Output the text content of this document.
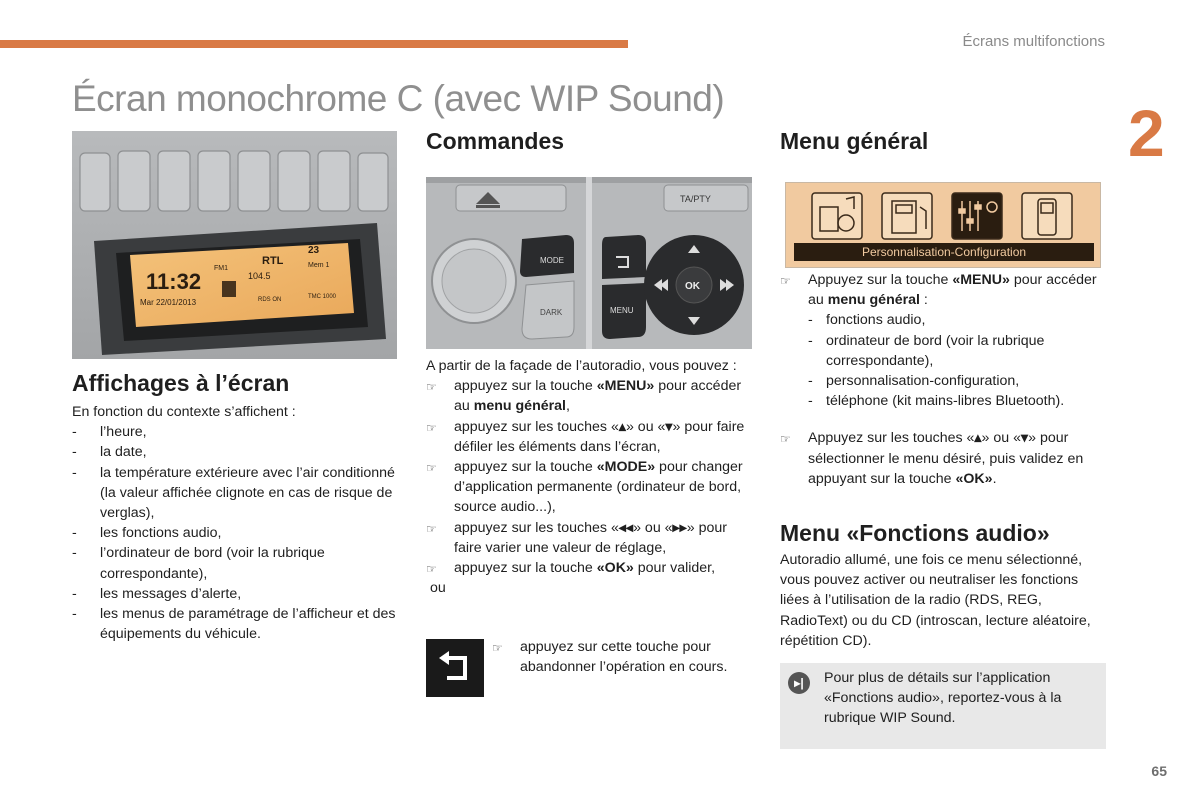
Écrans multifonctions
2
Écran monochrome C (avec WIP Sound)
11:32
RTL
104.5
23
FM1	Mem 1
Mar 22/01/2013	RDS ON	TMC 1000
Affichages à l’écran

En fonction du contexte s’affichent :

- l’heure,
- la date,
- la température extérieure avec l’air conditionné (la valeur affichée clignote en cas de risque de verglas),
- les fonctions audio,
- l’ordinateur de bord (voir la rubrique correspondante),
- les messages d’alerte,
- les menus de paramétrage de l’afficheur et des équipements du véhicule.
Commandes
TA/PTY
MODE
DARK	MENU
OK

A partir de la façade de l’autoradio, vous pouvez :

☞ appuyez sur la touche «MENU» pour accéder au menu général,
☞ appuyez sur les touches «▴» ou «▾» pour faire défiler les éléments dans l’écran,
☞ appuyez sur la touche «MODE» pour changer d’application permanente (ordinateur de bord, source audio...),
☞ appuyez sur les touches «◂◂» ou «▸▸» pour faire varier une valeur de réglage,
☞ appuyez sur la touche «OK» pour valider,

ou

☞ appuyez sur cette touche pour abandonner l’opération en cours.
Menu général
Personnalisation-Configuration
☞ Appuyez sur la touche «MENU» pour accéder au menu général :
- fonctions audio,
- ordinateur de bord (voir la rubrique correspondante),
- personnalisation-configuration,
- téléphone (kit mains-libres Bluetooth).
☞ Appuyez sur les touches «▴» ou «▾» pour sélectionner le menu désiré, puis validez en appuyant sur la touche «OK».
Menu «Fonctions audio»

Autoradio allumé, une fois ce menu sélectionné, vous pouvez activer ou neutraliser les fonctions liées à l’utilisation de la radio (RDS, REG, RadioText) ou du CD (introscan, lecture aléatoire, répétition CD).

▸|	Pour plus de détails sur l’application «Fonctions audio», reportez-vous à la rubrique WIP Sound.

65
